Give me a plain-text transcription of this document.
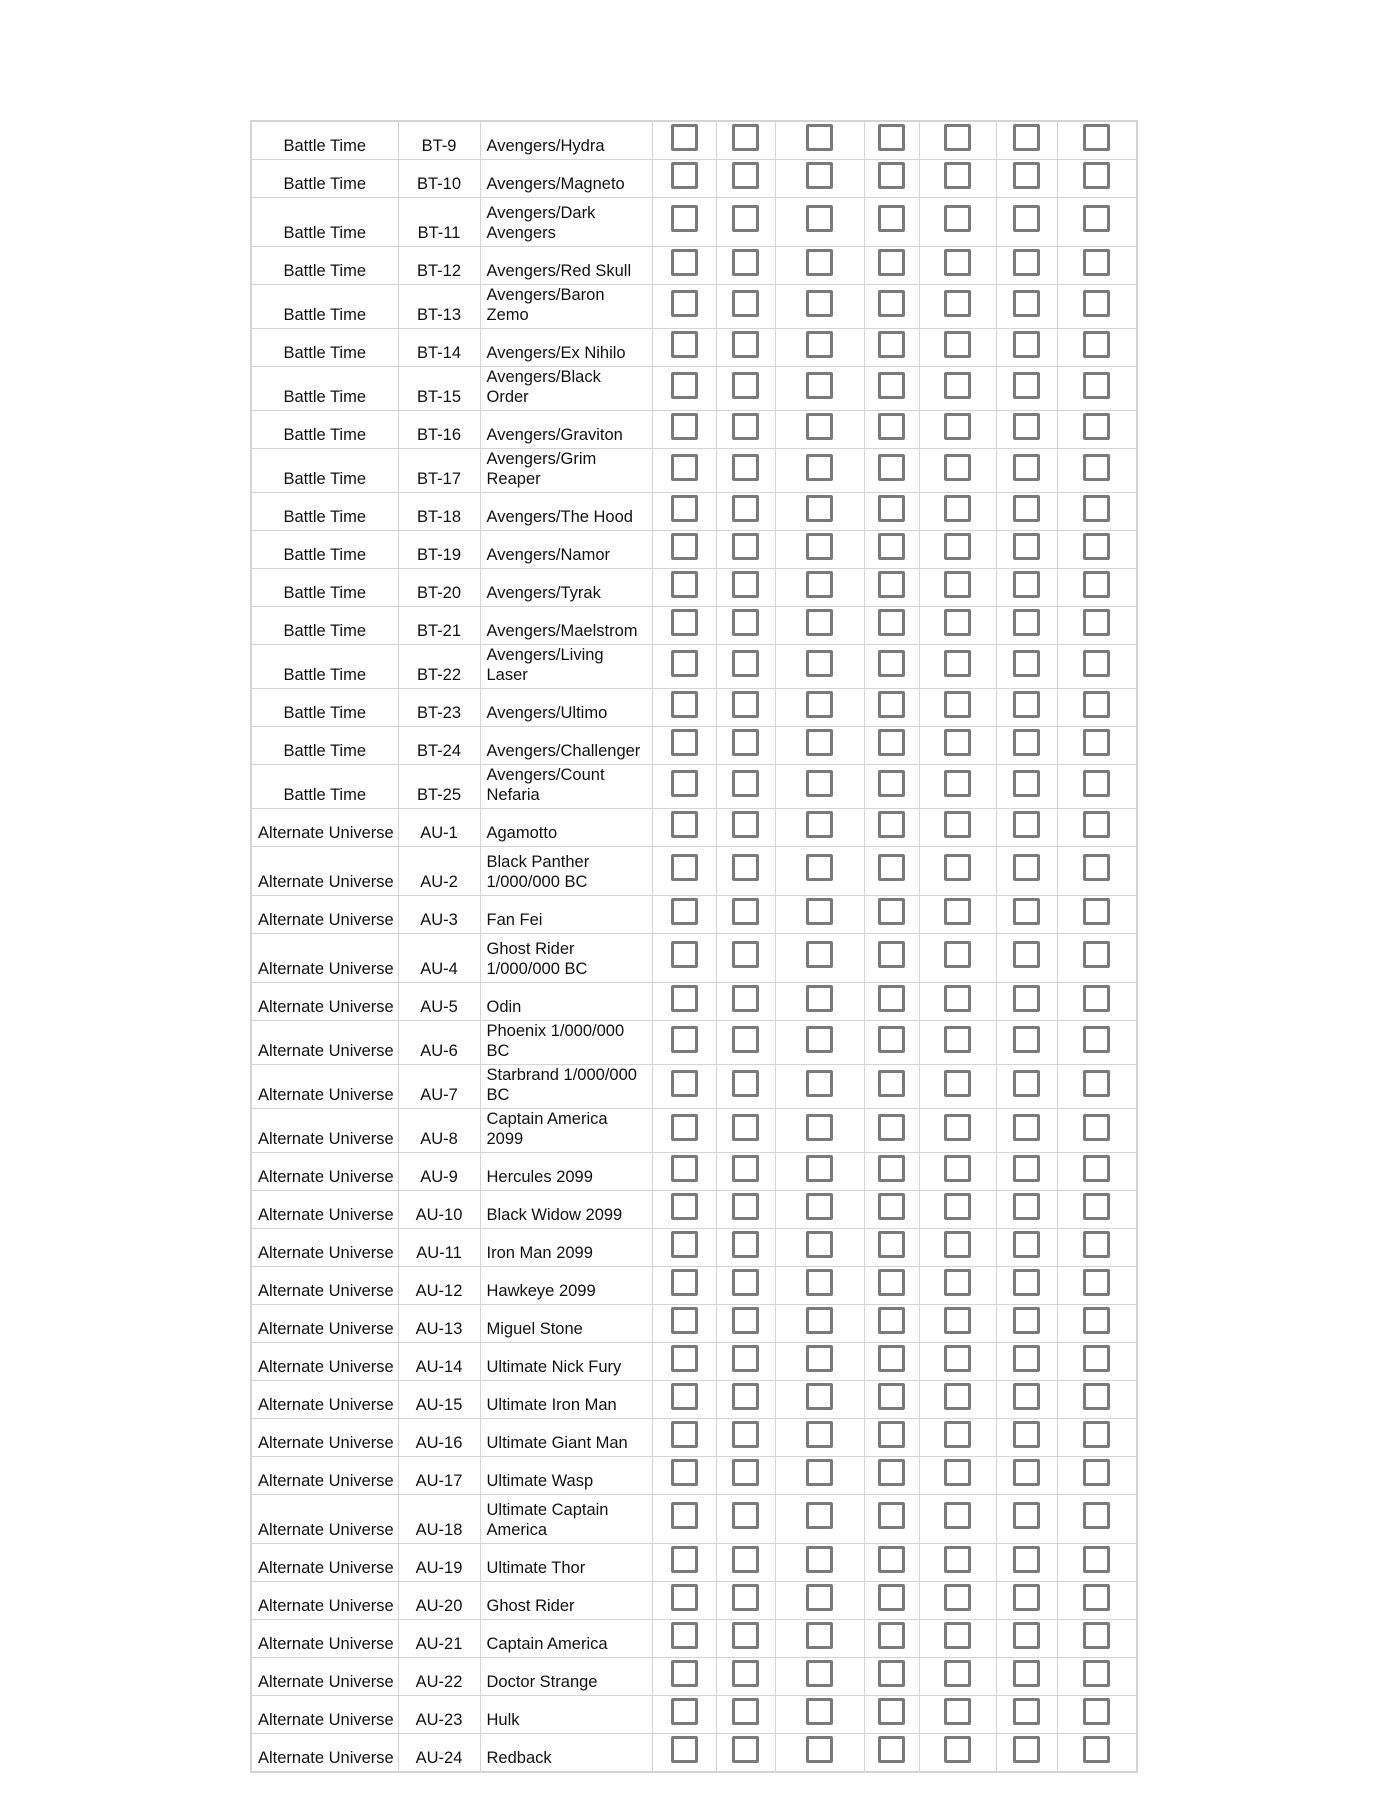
Battle Time	BT-9	Avengers/Hydra							
Battle Time	BT-10	Avengers/Magneto							
Battle Time	BT-11	Avengers/Dark Avengers							
Battle Time	BT-12	Avengers/Red Skull							
Battle Time	BT-13	Avengers/Baron Zemo							
Battle Time	BT-14	Avengers/Ex Nihilo							
Battle Time	BT-15	Avengers/Black Order							
Battle Time	BT-16	Avengers/Graviton							
Battle Time	BT-17	Avengers/Grim Reaper							
Battle Time	BT-18	Avengers/The Hood							
Battle Time	BT-19	Avengers/Namor							
Battle Time	BT-20	Avengers/Tyrak							
Battle Time	BT-21	Avengers/Maelstrom							
Battle Time	BT-22	Avengers/Living Laser							
Battle Time	BT-23	Avengers/Ultimo							
Battle Time	BT-24	Avengers/Challenger							
Battle Time	BT-25	Avengers/Count Nefaria							
Alternate Universe	AU-1	Agamotto							
Alternate Universe	AU-2	Black Panther 1/000/000 BC							
Alternate Universe	AU-3	Fan Fei							
Alternate Universe	AU-4	Ghost Rider 1/000/000 BC							
Alternate Universe	AU-5	Odin							
Alternate Universe	AU-6	Phoenix 1/000/000 BC							
Alternate Universe	AU-7	Starbrand 1/000/000 BC							
Alternate Universe	AU-8	Captain America 2099							
Alternate Universe	AU-9	Hercules 2099							
Alternate Universe	AU-10	Black Widow 2099							
Alternate Universe	AU-11	Iron Man 2099							
Alternate Universe	AU-12	Hawkeye 2099							
Alternate Universe	AU-13	Miguel Stone							
Alternate Universe	AU-14	Ultimate Nick Fury							
Alternate Universe	AU-15	Ultimate Iron Man							
Alternate Universe	AU-16	Ultimate Giant Man							
Alternate Universe	AU-17	Ultimate Wasp							
Alternate Universe	AU-18	Ultimate Captain America							
Alternate Universe	AU-19	Ultimate Thor							
Alternate Universe	AU-20	Ghost Rider							
Alternate Universe	AU-21	Captain America							
Alternate Universe	AU-22	Doctor Strange							
Alternate Universe	AU-23	Hulk							
Alternate Universe	AU-24	Redback							
